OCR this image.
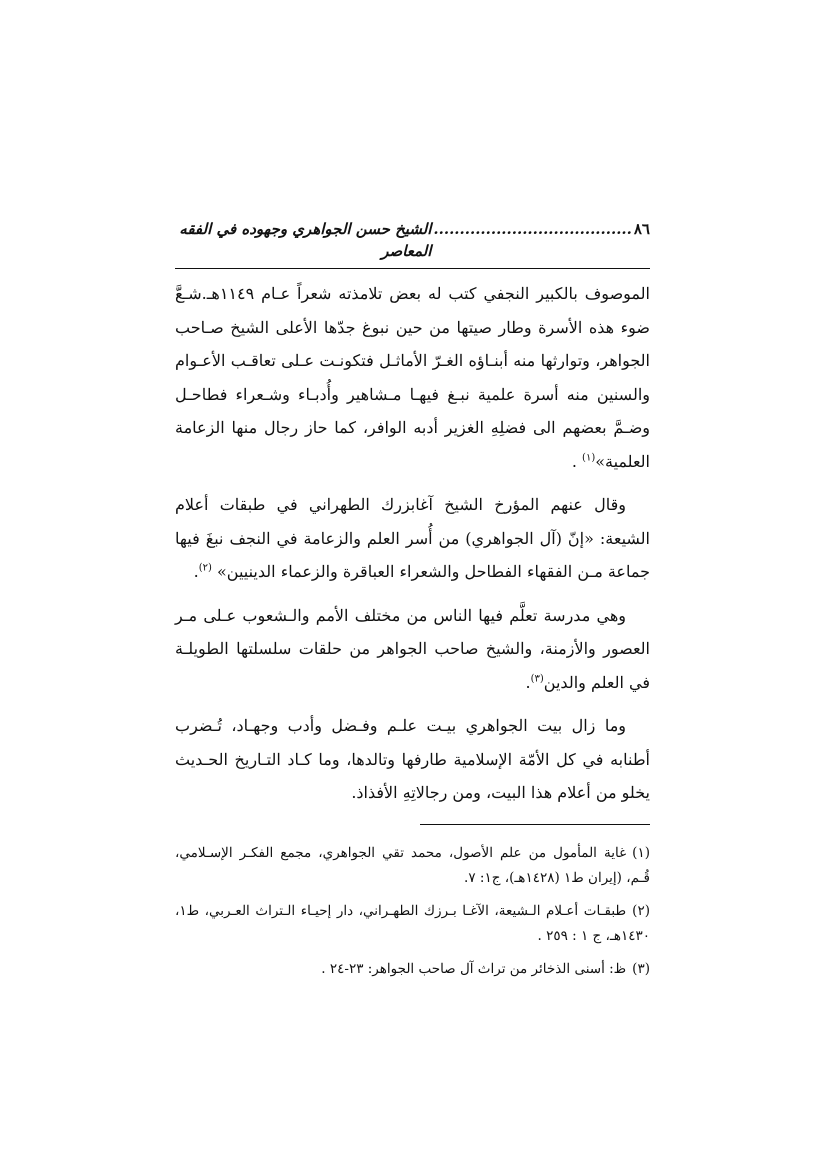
٨٦
......................................
الشيخ حسن الجواهري وجهوده في الفقه المعاصر

الموصوف بالكبير النجفي كتب له بعض تلامذته شعراً عـام ١١٤٩هـ.شـعَّ ضوء هذه الأسرة وطار صيتها من حين نبوغ جدّها الأعلى الشيخ صـاحب الجواهر، وتوارثها منه أبنـاؤه الغـرّ الأماثـل فتكونـت عـلى تعاقـب الأعـوام والسنين منه أسرة علمية نبـغ فيهـا مـشاهير وأُدبـاء وشـعراء فطاحـل وضـمَّ بعضهم الى فضلِهِ الغزير أدبه الوافر، كما حاز رجال منها الزعامة العلمية»$^{(١)}$ .

وقال عنهم المؤرخ الشيخ آغابزرك الطهراني في طبقات أعلام الشيعة: «إنّ (آل الجواهري) من أُسر العلم والزعامة في النجف نبغَ فيها جماعة مـن الفقهاء الفطاحل والشعراء العباقرة والزعماء الدينيين» $^{(٢)}$.

وهي مدرسة تعلَّم فيها الناس من مختلف الأمم والـشعوب عـلى مـر العصور والأزمنة، والشيخ صاحب الجواهر من حلقات سلسلتها الطويلـة في العلم والدين$^{(٣)}$.

وما زال بيت الجواهري بيـت علـم وفـضل وأدب وجهـاد، تُـضرب أطنابه في كل الأمّة الإسلامية طارفها وتالدها، وما كـاد التـاريخ الحـديث يخلو من أعلام هذا البيت، ومن رجالاتِهِ الأفذاذ.

(١)غاية المأمول من علم الأصول، محمد تقي الجواهري، مجمع الفكـر الإسـلامي، قُـم، (إيران ط١ (١٤٢٨هـ)، ج١: ٧.

(٢)طبقـات أعـلام الـشيعة، الآغـا بـرزك الطهـراني، دار إحيـاء الـتراث العـربي، ط١، ١٤٣٠هـ، ج ١ : ٢٥٩ .

(٣)ظ: أسنى الذخائر من تراث آل صاحب الجواهر: ٢٣-٢٤ .
